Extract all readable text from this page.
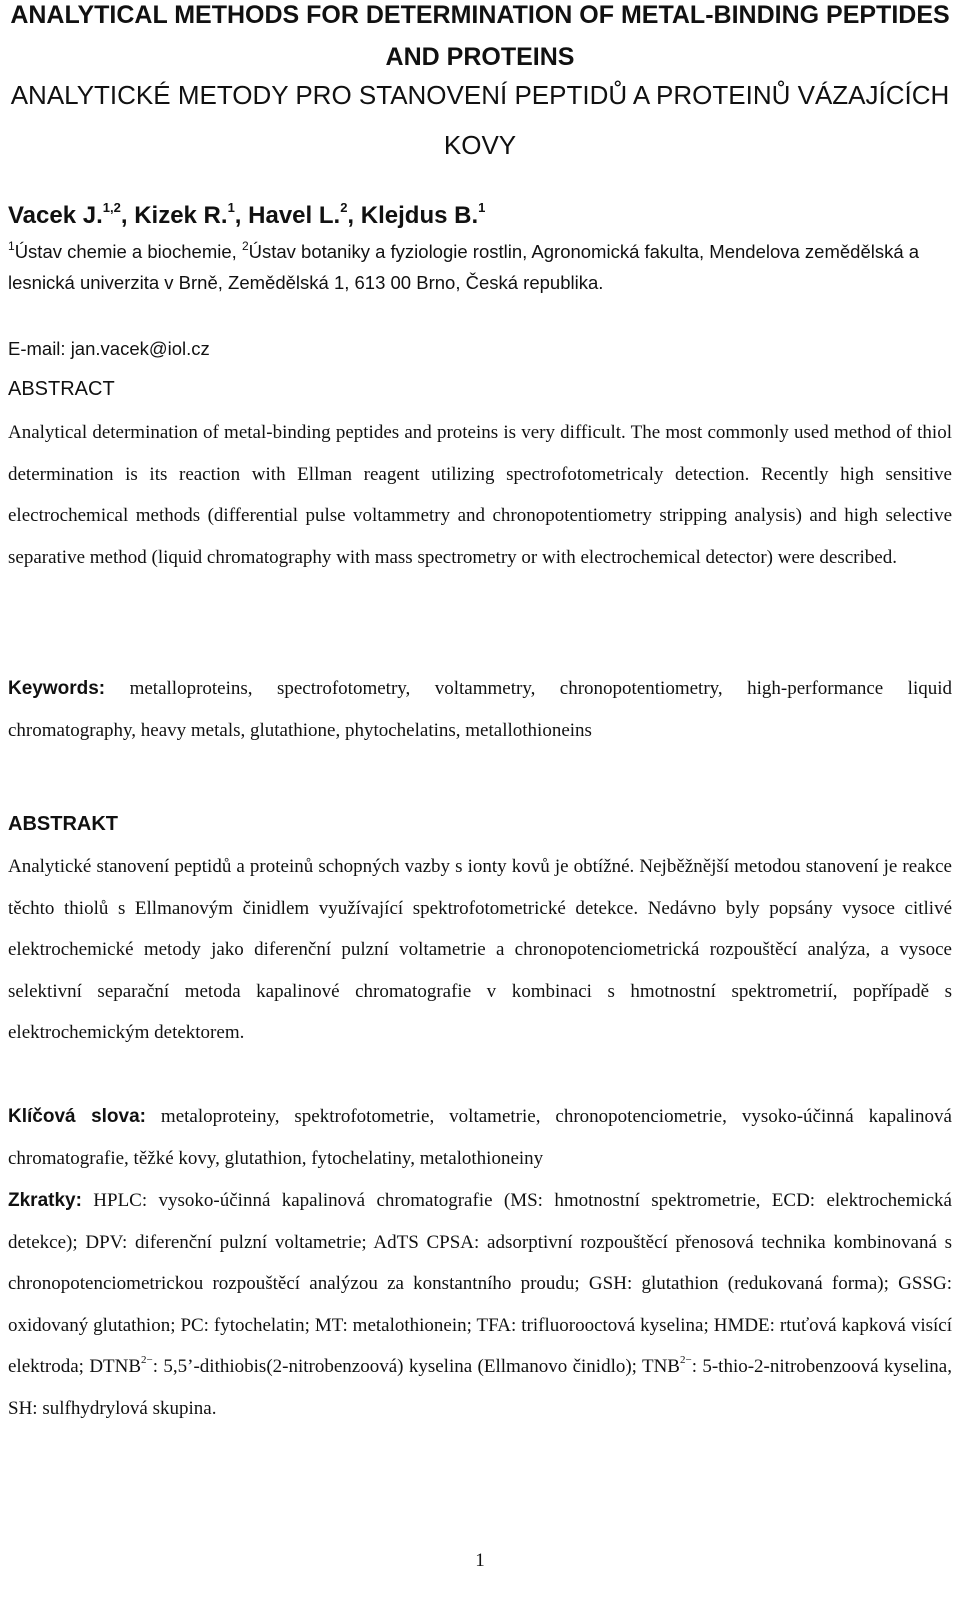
ANALYTICAL METHODS FOR DETERMINATION OF METAL-BINDING PEPTIDES AND PROTEINS
ANALYTICKÉ METODY PRO STANOVENÍ PEPTIDŮ A PROTEINŮ VÁZAJÍCÍCH KOVY
Vacek J.$^{1,2}$, Kizek R.$^1$, Havel L.$^2$, Klejdus B.$^1$

$^1$Ústav chemie a biochemie, $^2$Ústav botaniky a fyziologie rostlin, Agronomická fakulta, Mendelova zemědělská a lesnická univerzita v Brně, Zemědělská 1, 613 00 Brno, Česká republika.

E-mail: jan.vacek@iol.cz
ABSTRACT

Analytical determination of metal-binding peptides and proteins is very difficult. The most commonly used method of thiol determination is its reaction with Ellman reagent utilizing spectrofotometricaly detection. Recently high sensitive electrochemical methods (differential pulse voltammetry and chronopotentiometry stripping analysis) and high selective separative method (liquid chromatography with mass spectrometry or with electrochemical detector) were described.

Keywords: metalloproteins, spectrofotometry, voltammetry, chronopotentiometry, high-performance liquid chromatography, heavy metals, glutathione, phytochelatins, metallothioneins

ABSTRAKT

Analytické stanovení peptidů a proteinů schopných vazby s ionty kovů je obtížné. Nejběžnější metodou stanovení je reakce těchto thiolů s Ellmanovým činidlem využívající spektrofotometrické detekce. Nedávno byly popsány vysoce citlivé elektrochemické metody jako diferenční pulzní voltametrie a chronopotenciometrická rozpouštěcí analýza, a vysoce selektivní separační metoda kapalinové chromatografie v kombinaci s hmotnostní spektrometrií, popřípadě s elektrochemickým detektorem.

Klíčová slova: metaloproteiny, spektrofotometrie, voltametrie, chronopotenciometrie, vysoko-účinná kapalinová chromatografie, těžké kovy, glutathion, fytochelatiny, metalothioneiny

Zkratky: HPLC: vysoko-účinná kapalinová chromatografie (MS: hmotnostní spektrometrie, ECD: elektrochemická detekce); DPV: diferenční pulzní voltametrie; AdTS CPSA: adsorptivní rozpouštěcí přenosová technika kombinovaná s chronopotenciometrickou rozpouštěcí analýzou za konstantního proudu; GSH: glutathion (redukovaná forma); GSSG: oxidovaný glutathion; PC: fytochelatin; MT: metalothionein; TFA: trifluorooctová kyselina; HMDE: rtuťová kapková visící elektroda; $DTNB^{2-}$: 5,5’-dithiobis(2-nitrobenzoová) kyselina (Ellmanovo činidlo); $TNB^{2-}$: 5-thio-2-nitrobenzoová kyselina, SH: sulfhydrylová skupina.

1
